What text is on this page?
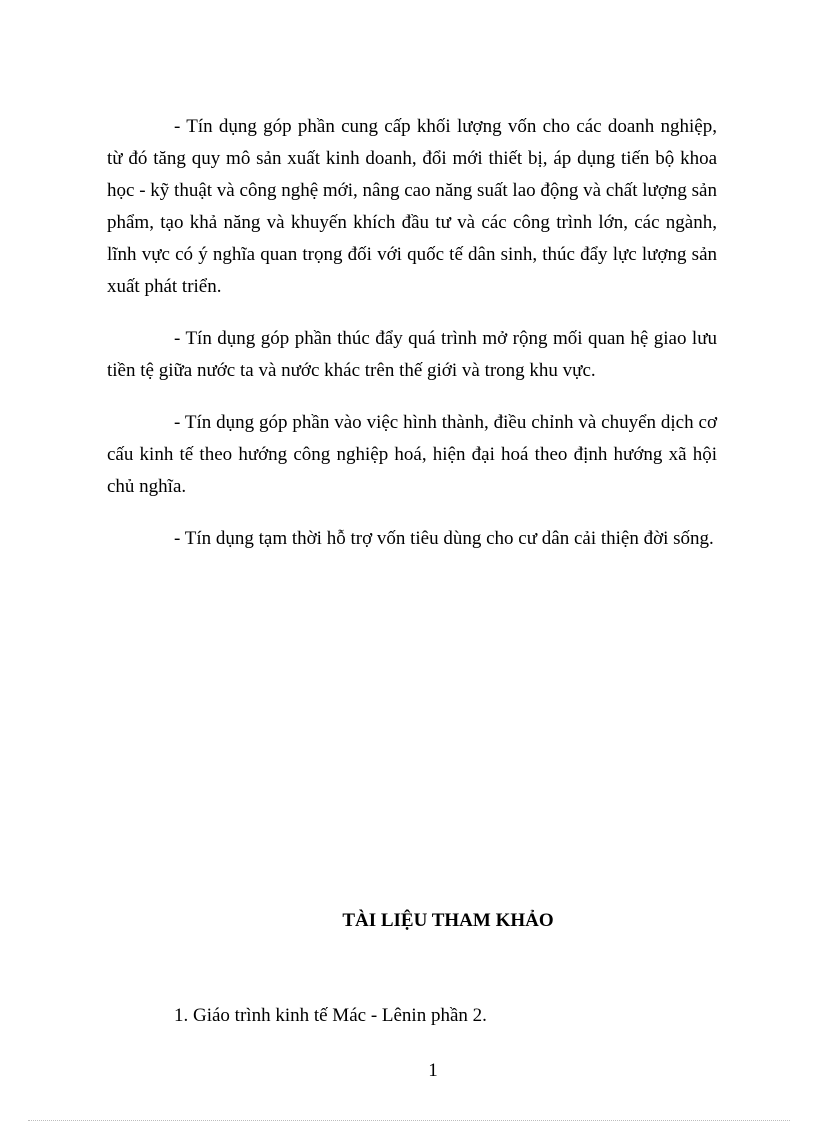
- Tín dụng góp phần cung cấp khối lượng vốn cho các doanh nghiệp, từ đó tăng quy mô sản xuất kinh doanh, đổi mới thiết bị, áp dụng tiến bộ khoa học - kỹ thuật và công nghệ mới, nâng cao năng suất lao động và chất lượng sản phẩm, tạo khả năng và khuyến khích đầu tư và các công trình lớn, các ngành, lĩnh vực có ý nghĩa quan trọng đối với quốc tế dân sinh, thúc đẩy lực lượng sản xuất phát triển.

- Tín dụng góp phần thúc đẩy quá trình mở rộng mối quan hệ giao lưu tiền tệ giữa nước ta và nước khác trên thế giới và trong khu vực.

- Tín dụng góp phần vào việc hình thành, điều chỉnh và chuyển dịch cơ cấu kinh tế theo hướng công nghiệp hoá, hiện đại hoá theo định hướng xã hội chủ nghĩa.

- Tín dụng tạm thời hỗ trợ vốn tiêu dùng cho cư dân cải thiện đời sống.

TÀI LIỆU THAM KHẢO

1. Giáo trình kinh tế Mác - Lênin phần 2.

1
